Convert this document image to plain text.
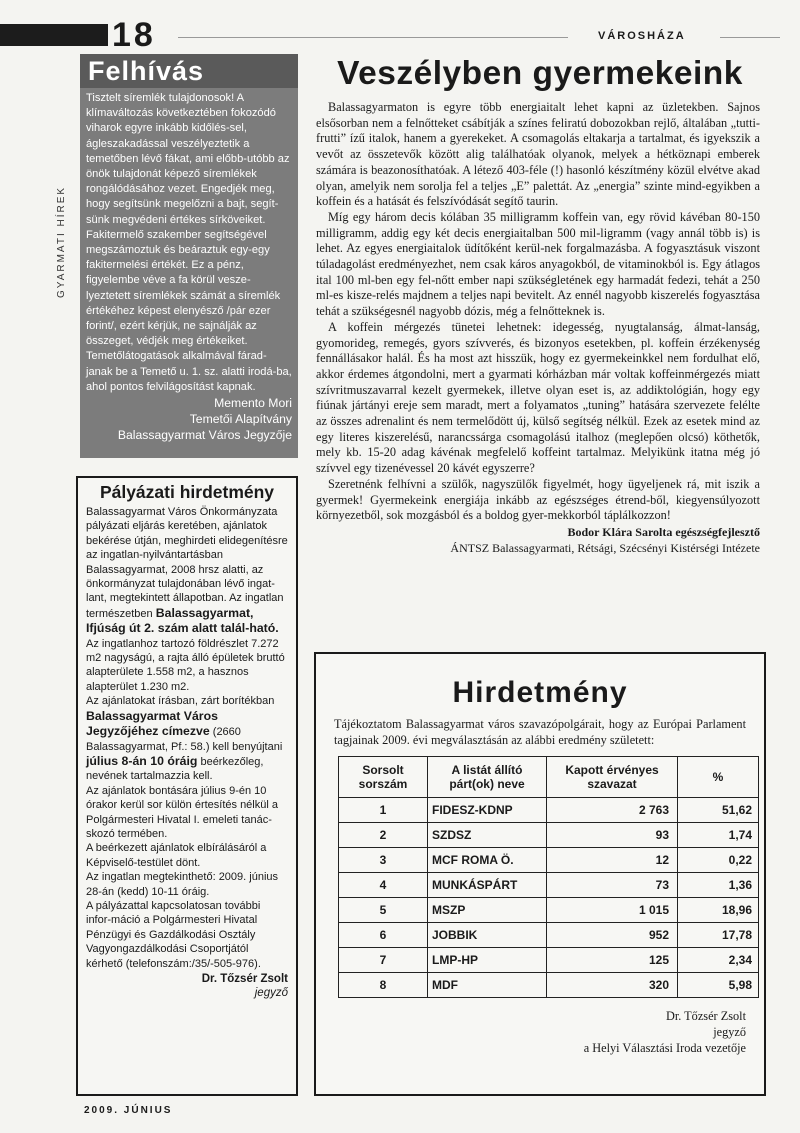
18	VÁROSHÁZA
GYARMATI HÍREK
Felhívás
Tisztelt síremlék tulajdonosok! A klímaváltozás következtében fokozódó viharok egyre inkább kidőlés-sel, ágleszakadással veszélyeztetik a temetőben lévő fákat, ami előbb-utóbb az önök tulajdonát képező síremlékek rongálódásához vezet. Engedjék meg, hogy segítsünk megelőzni a bajt, segít-sünk megvédeni értékes sírköveiket. Fakitermelő szakember segítségével megszámoztuk és beáraztuk egy-egy fakitermelési értékét. Ez a pénz, figyelembe véve a fa körül vesze-lyeztetett síremlékek számát a síremlék értékéhez képest elenyésző /pár ezer forint/, ezért kérjük, ne sajnálják az összeget, védjék meg értékeiket. Temetőlátogatások alkalmával fárad-janak be a Temető u. 1. sz. alatti irodá-ba, ahol pontos felvilágosítást kapnak.
Memento Mori
Temetői Alapítvány
Balassagyarmat Város Jegyzője
Pályázati hirdetmény

Balassagyarmat Város Önkormányzata pályázati eljárás keretében, ajánlatok bekérése útján, meghirdeti elidegenítésre az ingatlan-nyilvántartásban Balassagyarmat, 2008 hrsz alatti, az önkormányzat tulajdonában lévő ingat-lant, megtekintett állapotban. Az ingatlan természetben Balassagyarmat, Ifjúság út 2. szám alatt talál-ható.

Az ingatlanhoz tartozó földrészlet 7.272 m2 nagyságú, a rajta álló épületek bruttó alapterülete 1.558 m2, a hasznos alapterület 1.230 m2.

Az ajánlatokat írásban, zárt borítékban Balassagyarmat Város Jegyzőjéhez címezve (2660 Balassagyarmat, Pf.: 58.) kell benyújtani július 8-án 10 óráig beérkezőleg, nevének tartalmazzia kell.

Az ajánlatok bontására július 9-én 10 órakor kerül sor külön értesítés nélkül a Polgármesteri Hivatal I. emeleti tanác-skozó termében.

A beérkezett ajánlatok elbírálásáról a Képviselő-testület dönt.

Az ingatlan megtekinthető: 2009. június 28-án (kedd) 10-11 óráig.

A pályázattal kapcsolatosan további infor-máció a Polgármesteri Hivatal Pénzügyi és Gazdálkodási Osztály Vagyongazdálkodási Csoportjától kérhető (telefonszám:/35/-505-976).

Dr. Tőzsér Zsolt
jegyző
Veszélyben gyermekeink

Balassagyarmaton is egyre több energiaitalt lehet kapni az üzletekben. Sajnos elsősorban nem a felnőtteket csábítják a színes feliratú dobozokban rejlő, általában „tutti-frutti” ízű italok, hanem a gyerekeket. A csomagolás eltakarja a tartalmat, és igyekszik a vevőt az összetevők között alig találhatóak olyanok, melyek a hétköznapi emberek számára is beazonosíthatóak. A létező 403-féle (!) hasonló készítmény közül elvétve akad olyan, amelyik nem sorolja fel a teljes „E” palettát. Az „energia” szinte mind-egyikben a koffein és a hatását és felszívódását segítő taurin.

Míg egy három decis kólában 35 milligramm koffein van, egy rövid kávéban 80-150 milligramm, addig egy két decis energiaitalban 500 mil-ligramm (vagy annál több is) is lehet. Az egyes energiaitalok üdítőként kerül-nek forgalmazásba. A fogyasztásuk viszont túladagolást eredményezhet, nem csak káros anyagokból, de vitaminokból is. Egy átlagos ital 100 ml-ben egy fel-nőtt ember napi szükségletének egy harmadát fedezi, tehát a 250 ml-es kisze-relés majdnem a teljes napi bevitelt. Az ennél nagyobb kiszerelés fogyasztása tehát a szükségesnél nagyobb dózis, még a felnőtteknek is.

A koffein mérgezés tünetei lehetnek: idegesség, nyugtalanság, álmat-lanság, gyomorideg, remegés, gyors szívverés, és bizonyos esetekben, pl. koffein érzékenység fennállásakor halál. És ha most azt hisszük, hogy ez gyermekeinkkel nem fordulhat elő, akkor érdemes átgondolni, mert a gyarmati kórházban már voltak koffeinmérgezés miatt szívritmuszavarral kezelt gyermekek, illetve olyan eset is, az addiktológián, hogy egy fiúnak jártányi ereje sem maradt, mert a folyamatos „tuning” hatására szervezete felélte az összes adrenalint és nem termelődött új, külső segítség nélkül. Ezek az esetek mind az egy literes kiszerelésű, narancssárga csomagolású italhoz (meglepően olcsó) köthetők, mely kb. 15-20 adag kávénak megfelelő koffeint tartalmaz. Melyikünk itatna még jó szívvel egy tizenévessel 20 kávét egyszerre?

Szeretnénk felhívni a szülők, nagyszülők figyelmét, hogy ügyeljenek rá, mit iszik a gyermek! Gyermekeink energiája inkább az egészséges étrend-ből, kiegyensúlyozott környezetből, sok mozgásból és a boldog gyer-mekkorból táplálkozzon!

Bodor Klára Sarolta egészségfejlesztő
ÁNTSZ Balassagyarmati, Rétsági, Szécsényi Kistérségi Intézete
Hirdetmény
Tájékoztatom Balassagyarmat város szavazópolgárait, hogy az Európai Parlament tagjainak 2009. évi megválasztásán az alábbi eredmény született:
Sorsolt sorszám	A listát állító párt(ok) neve	Kapott érvényes szavazat	%
1	FIDESZ-KDNP	2 763	51,62
2	SZDSZ	93	1,74
3	MCF ROMA Ö.	12	0,22
4	MUNKÁSPÁRT	73	1,36
5	MSZP	1 015	18,96
6	JOBBIK	952	17,78
7	LMP-HP	125	2,34
8	MDF	320	5,98
Dr. Tőzsér Zsolt
jegyző
a Helyi Választási Iroda vezetője
2009. JÚNIUS
